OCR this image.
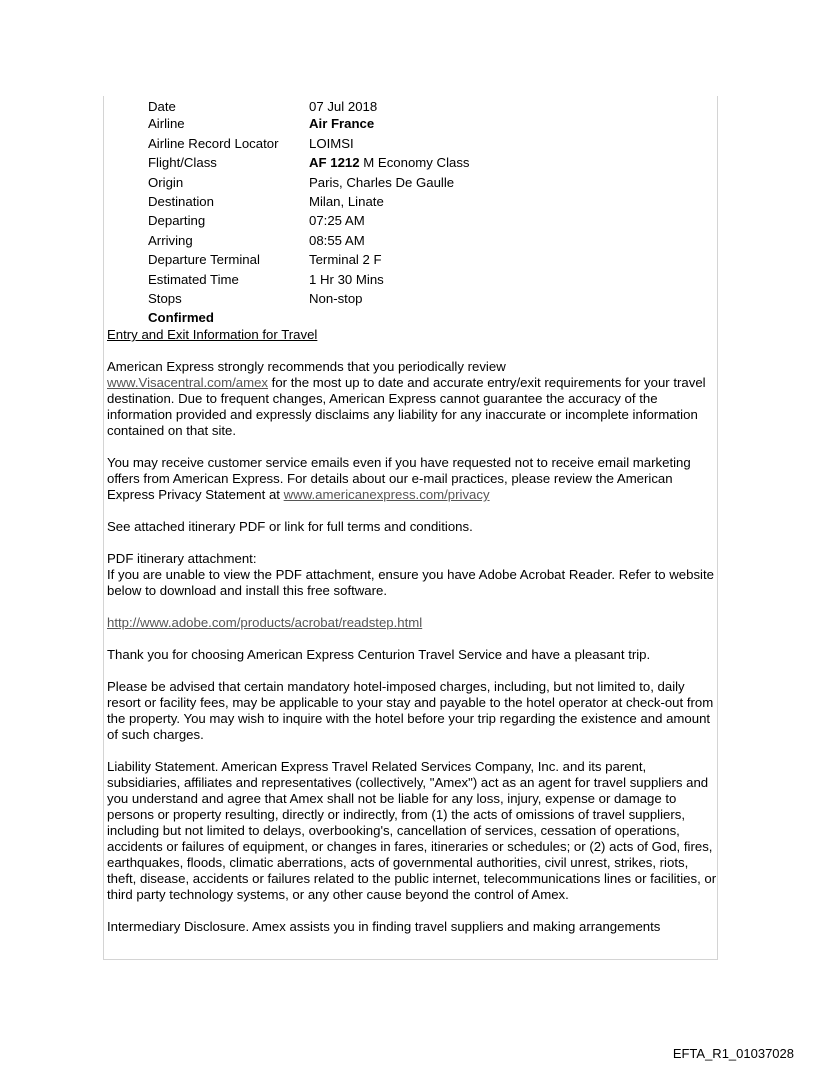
Date	07 Jul 2018
Airline	Air France
Airline Record Locator	LOIMSI
Flight/Class	AF 1212 M Economy Class
Origin	Paris, Charles De Gaulle
Destination	Milan, Linate
Departing	07:25 AM
Arriving	08:55 AM
Departure Terminal	Terminal 2 F
Estimated Time	1 Hr 30 Mins
Stops	Non-stop
Confirmed
Entry and Exit Information for Travel

American Express strongly recommends that you periodically review
www.Visacentral.com/amex for the most up to date and accurate entry/exit requirements for your travel destination. Due to frequent changes, American Express cannot guarantee the accuracy of the information provided and expressly disclaims any liability for any inaccurate or incomplete information contained on that site.

You may receive customer service emails even if you have requested not to receive email marketing offers from American Express. For details about our e-mail practices, please review the American Express Privacy Statement at www.americanexpress.com/privacy

See attached itinerary PDF or link for full terms and conditions.

PDF itinerary attachment:

If you are unable to view the PDF attachment, ensure you have Adobe Acrobat Reader. Refer to website below to download and install this free software.

http://www.adobe.com/products/acrobat/readstep.html

Thank you for choosing American Express Centurion Travel Service and have a pleasant trip.

Please be advised that certain mandatory hotel-imposed charges, including, but not limited to, daily resort or facility fees, may be applicable to your stay and payable to the hotel operator at check-out from the property. You may wish to inquire with the hotel before your trip regarding the existence and amount of such charges.

Liability Statement. American Express Travel Related Services Company, Inc. and its parent, subsidiaries, affiliates and representatives (collectively, "Amex") act as an agent for travel suppliers and you understand and agree that Amex shall not be liable for any loss, injury, expense or damage to persons or property resulting, directly or indirectly, from (1) the acts of omissions of travel suppliers, including but not limited to delays, overbooking's, cancellation of services, cessation of operations, accidents or failures of equipment, or changes in fares, itineraries or schedules; or (2) acts of God, fires, earthquakes, floods, climatic aberrations, acts of governmental authorities, civil unrest, strikes, riots, theft, disease, accidents or failures related to the public internet, telecommunications lines or facilities, or third party technology systems, or any other cause beyond the control of Amex.

Intermediary Disclosure. Amex assists you in finding travel suppliers and making arrangements

EFTA_R1_01037028
